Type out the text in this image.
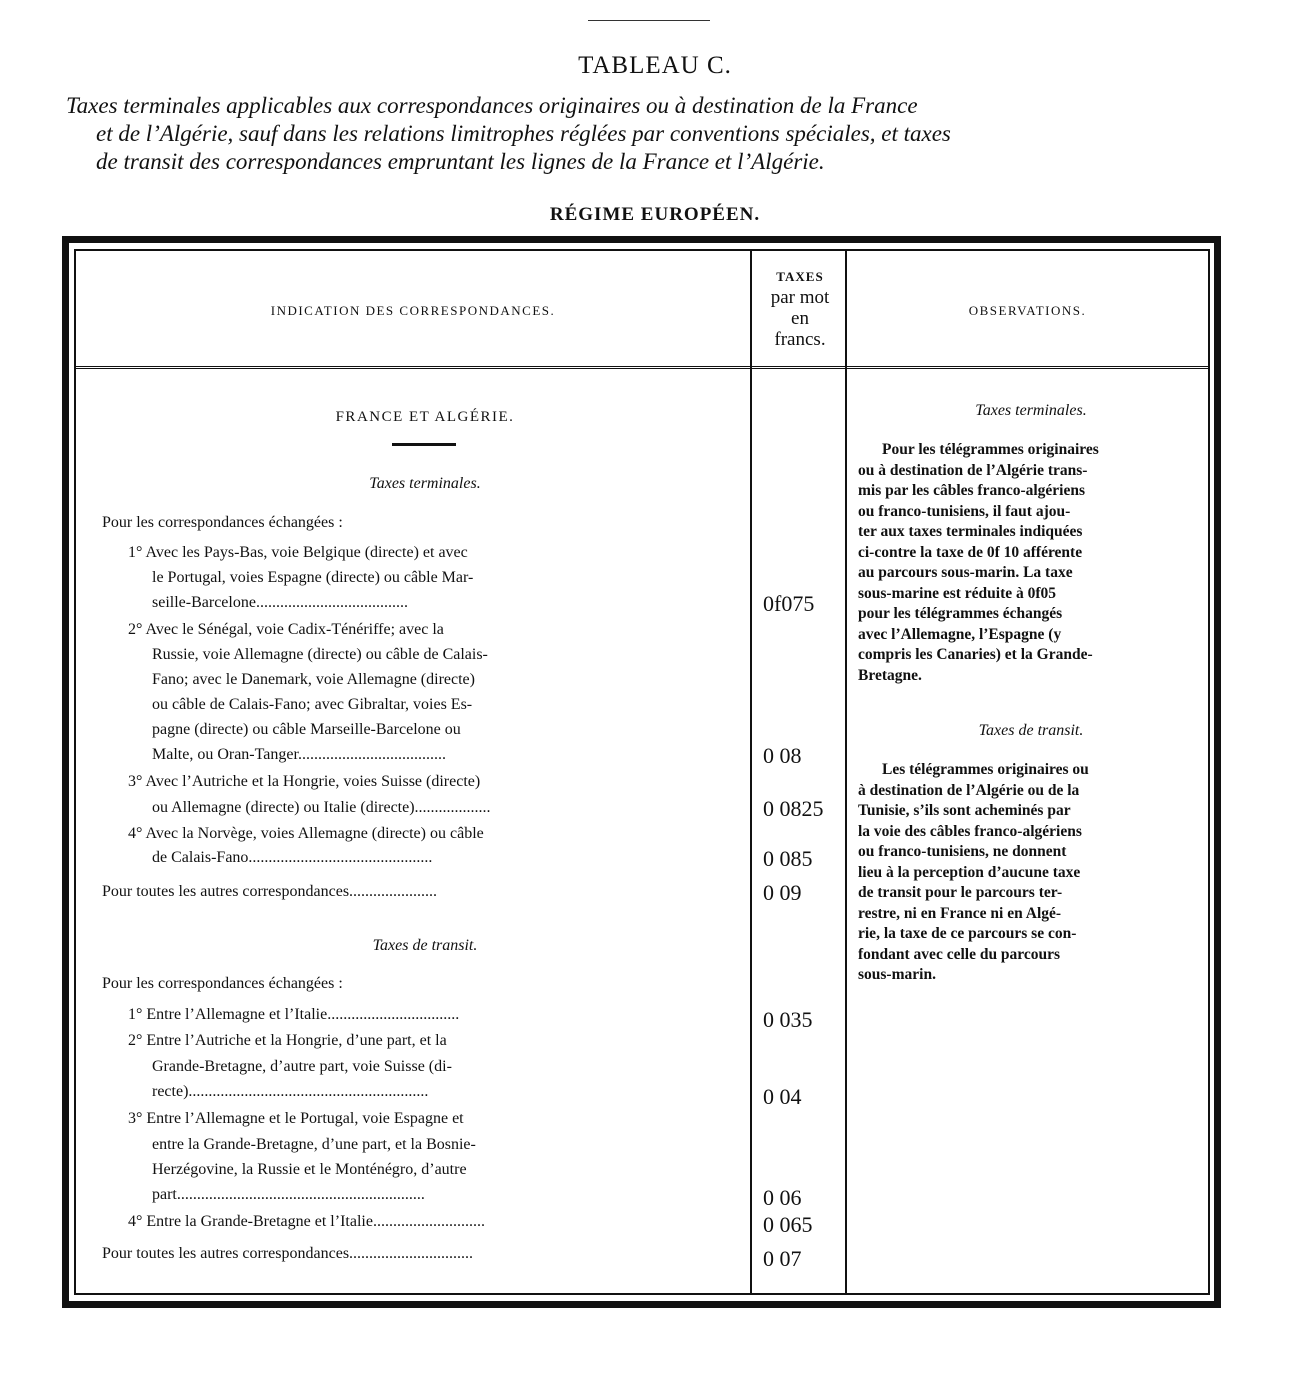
TABLEAU C.
Taxes terminales applicables aux correspondances originaires ou à destination de la France
et de l’Algérie, sauf dans les relations limitrophes réglées par conventions spéciales, et taxes
de transit des correspondances empruntant les lignes de la France et l’Algérie.
RÉGIME EUROPÉEN.
INDICATION DES CORRESPONDANCES.
TAXES
par mot
en
francs.
OBSERVATIONS.
FRANCE ET ALGÉRIE.
Taxes terminales.
Pour les correspondances échangées :
1° Avec les Pays-Bas, voie Belgique (directe) et avec
le Portugal, voies Espagne (directe) ou câble Mar-
seille-Barcelone......................................
2° Avec le Sénégal, voie Cadix-Ténériffe; avec la
Russie, voie Allemagne (directe) ou câble de Calais-
Fano; avec le Danemark, voie Allemagne (directe)
ou câble de Calais-Fano; avec Gibraltar, voies Es-
pagne (directe) ou câble Marseille-Barcelone ou
Malte, ou Oran-Tanger.....................................
3° Avec l’Autriche et la Hongrie, voies Suisse (directe)
ou Allemagne (directe) ou Italie (directe)...................
4° Avec la Norvège, voies Allemagne (directe) ou câble
de Calais-Fano..............................................
Pour toutes les autres correspondances......................
Taxes de transit.
Pour les correspondances échangées :
1° Entre l’Allemagne et l’Italie.................................
2° Entre l’Autriche et la Hongrie, d’une part, et la
Grande-Bretagne, d’autre part, voie Suisse (di-
recte)............................................................
3° Entre l’Allemagne et le Portugal, voie Espagne et
entre la Grande-Bretagne, d’une part, et la Bosnie-
Herzégovine, la Russie et le Monténégro, d’autre
part..............................................................
4° Entre la Grande-Bretagne et l’Italie............................
Pour toutes les autres correspondances...............................
0f075
0 08
0 0825
0 085
0 09
0 035
0 04
0 06
0 065
0 07
Taxes terminales.
Pour les télégrammes originaires
ou à destination de l’Algérie trans-
mis par les câbles franco-algériens
ou franco-tunisiens, il faut ajou-
ter aux taxes terminales indiquées
ci-contre la taxe de 0f 10 afférente
au parcours sous-marin. La taxe
sous-marine est réduite à 0f05
pour les télégrammes échangés
avec l’Allemagne, l’Espagne (y
compris les Canaries) et la Grande-
Bretagne.
Taxes de transit.
Les télégrammes originaires ou
à destination de l’Algérie ou de la
Tunisie, s’ils sont acheminés par
la voie des câbles franco-algériens
ou franco-tunisiens, ne donnent
lieu à la perception d’aucune taxe
de transit pour le parcours ter-
restre, ni en France ni en Algé-
rie, la taxe de ce parcours se con-
fondant avec celle du parcours
sous-marin.
